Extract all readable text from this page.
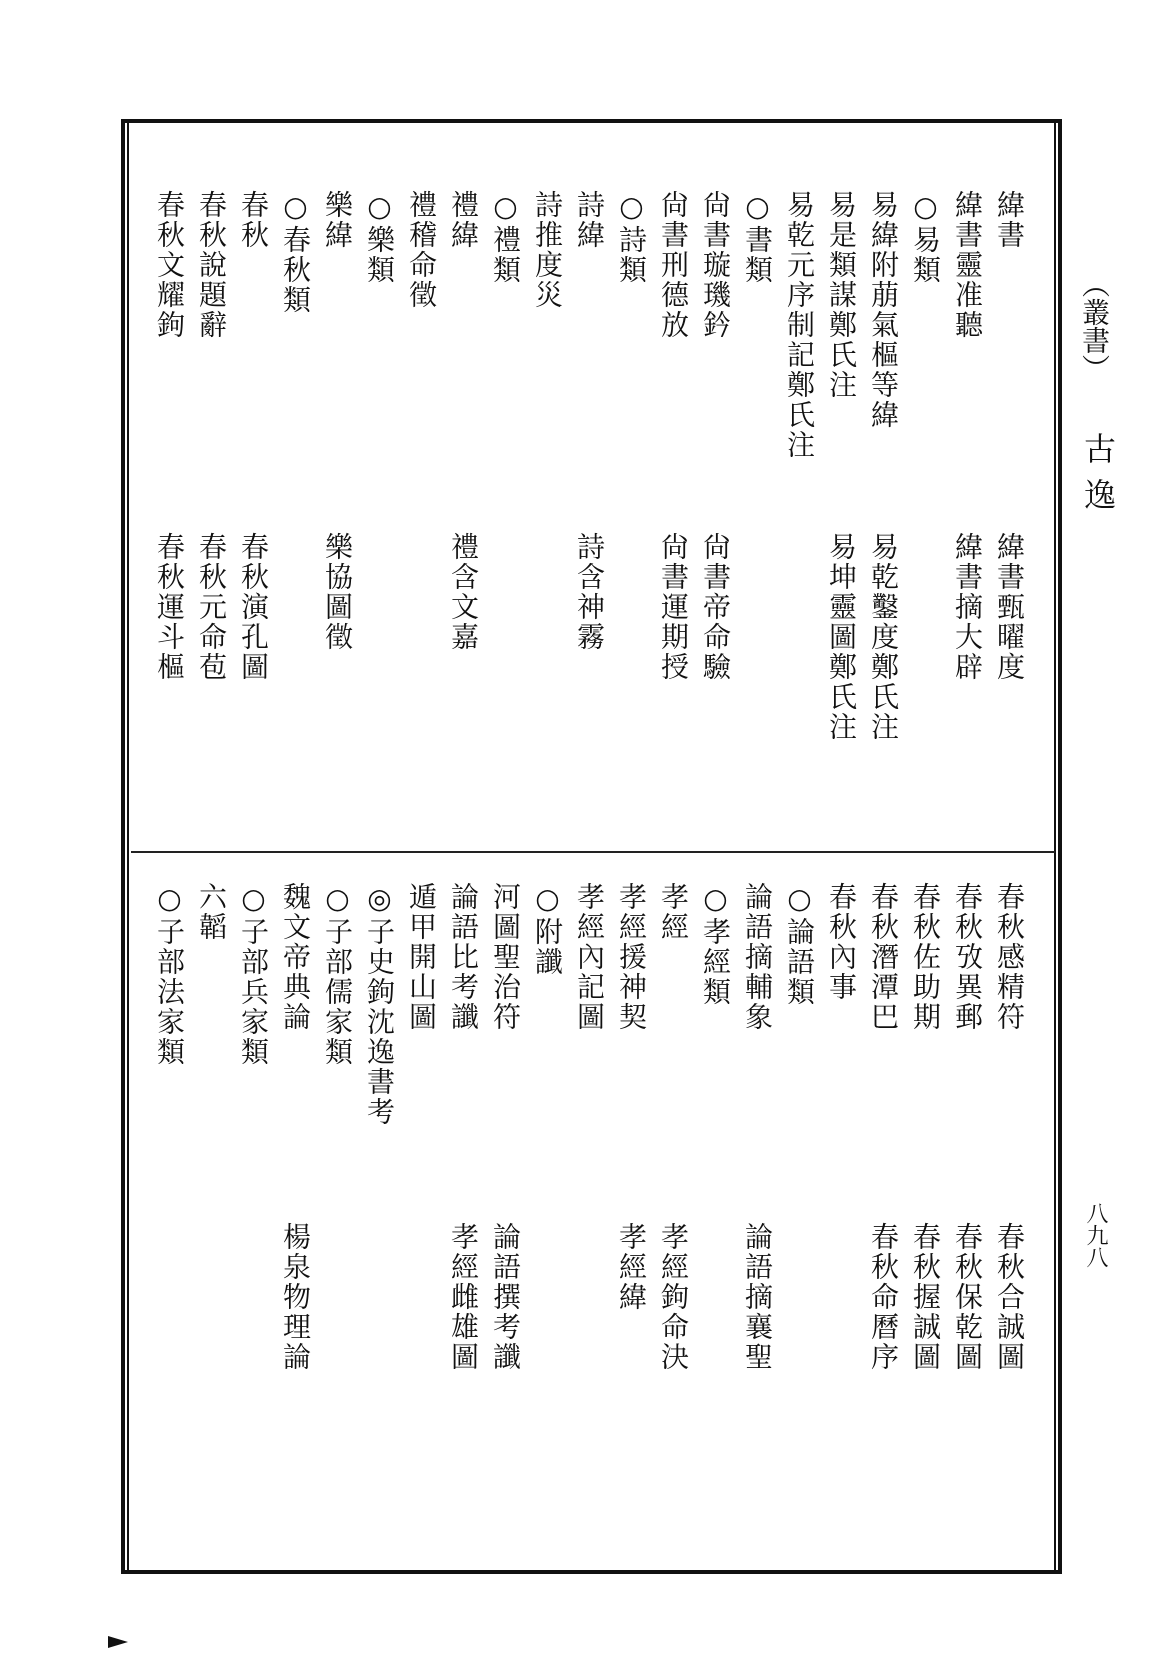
（叢書）
古逸
八九八
緯書
緯書靈准聽
○易類
易緯附萠氣樞等緯
易是類謀鄭氏注
易乾元序制記鄭氏注
○書類
尙書璇璣鈐
尙書刑德放
○詩類
詩緯
詩推度災
○禮類
禮緯
禮稽命徵
○樂類
樂緯
○春秋類
春秋
春秋說題辭
春秋文耀鉤
緯書甄曜度
緯書摘大辟
易乾鑿度鄭氏注
易坤靈圖鄭氏注
尙書帝命驗
尙書運期授
詩含神霧
禮含文嘉
樂協圖徵
春秋演孔圖
春秋元命苞
春秋運斗樞
春秋感精符
春秋攷異郵
春秋佐助期
春秋潛潭巴
春秋內事
○論語類
論語摘輔象
○孝經類
孝經
孝經援神契
孝經內記圖
○附讖
河圖聖治符
論語比考讖
遁甲開山圖
◎子史鉤沈逸書考
○子部儒家類
魏文帝典論
○子部兵家類
六韜
○子部法家類
春秋合誠圖
春秋保乾圖
春秋握誠圖
春秋命曆序
論語摘襄聖
孝經鉤命決
孝經緯
論語撰考讖
孝經雌雄圖
楊泉物理論
